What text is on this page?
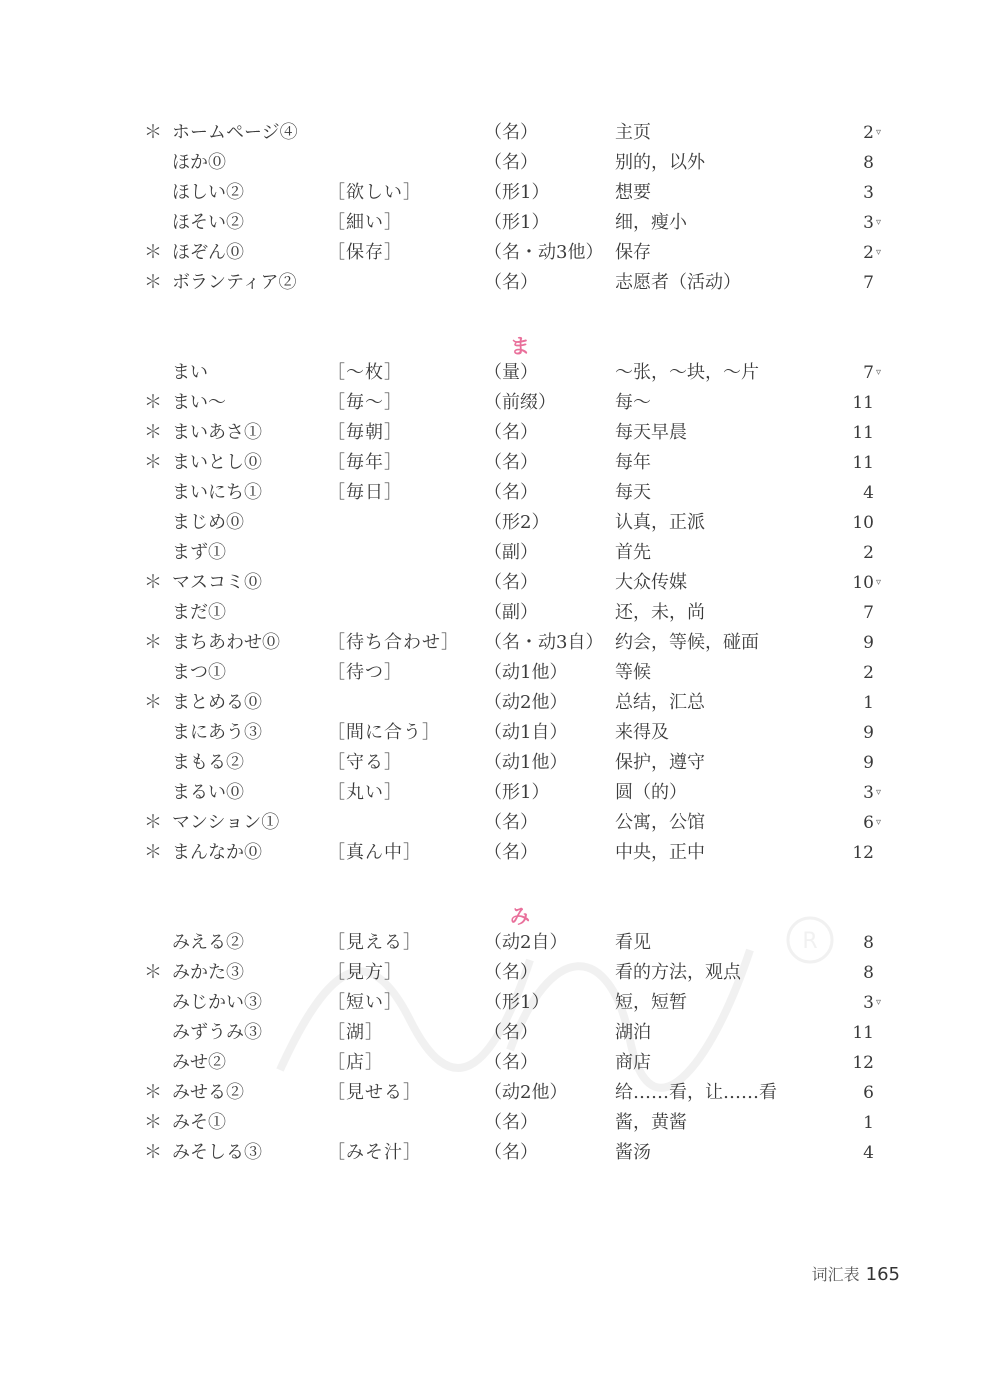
R
＊ ホームページ④	（名）	主页	2 ▿
ほか⓪	（名）	别的，以外	8
ほしい②	［欲しい］	（形1）	想要	3
ほそい②	［細い］	（形1）	细，瘦小	3 ▿
＊ ほぞん⓪	［保存］	（名・动3他） 保存	2 ▿
＊ ボランティア②	（名）	志愿者（活动）	7
ま
まい	［～枚］	（量）	～张，～块，～片	7 ▿
＊ まい～	［毎～］	（前缀）	每～	11
＊ まいあさ①	［毎朝］	（名）	每天早晨	11
＊ まいとし⓪	［毎年］	（名）	每年	11
まいにち①	［毎日］	（名）	每天	4
まじめ⓪	（形2）	认真，正派	10
まず①	（副）	首先	2
＊ マスコミ⓪	（名）	大众传媒	10 ▿
まだ①	（副）	还，未，尚	7
＊ まちあわせ⓪	［待ち合わせ］ （名・动3自） 约会，等候，碰面	9
まつ①	［待つ］	（动1他）	等候	2
＊ まとめる⓪	（动2他）	总结，汇总	1
まにあう③	［間に合う］ （动1自）	来得及	9
まもる②	［守る］	（动1他）	保护，遵守	9
まるい⓪	［丸い］	（形1）	圆（的）	3 ▿
＊ マンション①	（名）	公寓，公馆	6 ▿
＊ まんなか⓪	［真ん中］	（名）	中央，正中	12
み
みえる②	［見える］	（动2自）	看见	8
＊ みかた③	［見方］	（名）	看的方法，观点	8
みじかい③	［短い］	（形1）	短，短暂	3 ▿
みずうみ③	［湖］	（名）	湖泊	11
みせ②	［店］	（名）	商店	12
＊ みせる②	［見せる］	（动2他）	给……看，让……看	6
＊ みそ①	（名）	酱，黄酱	1
＊ みそしる③	［みそ汁］	（名）	酱汤	4
词汇表 165
